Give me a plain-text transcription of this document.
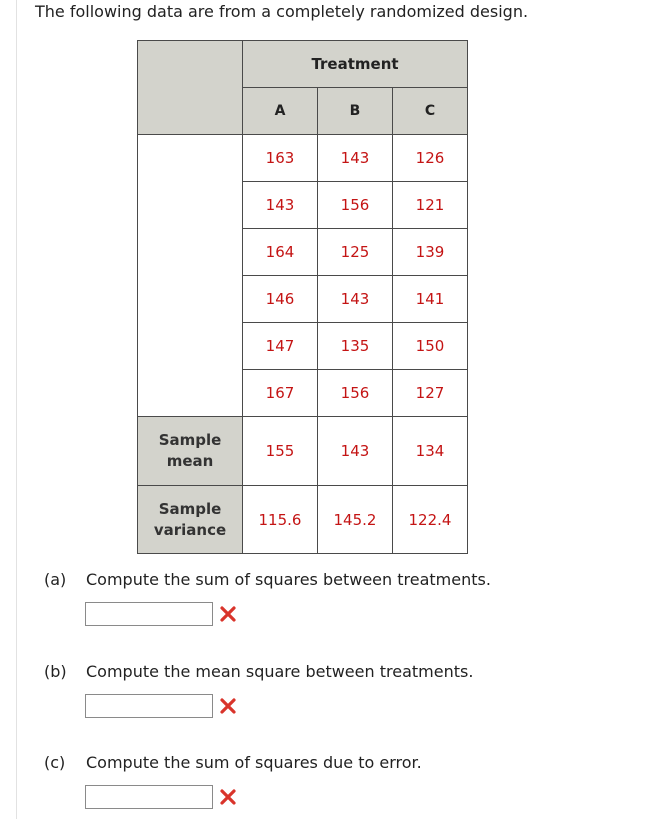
The following data are from a completely randomized design.
	Treatment		
	A	B	C
	163	143	126
	143	156	121
	164	125	139
	146	143	141
	147	135	150
	167	156	127
Sample
mean	155	143	134
Sample
variance	115.6	145.2	122.4
(a) Compute the sum of squares between treatments.
(b) Compute the mean square between treatments.
(c) Compute the sum of squares due to error.
